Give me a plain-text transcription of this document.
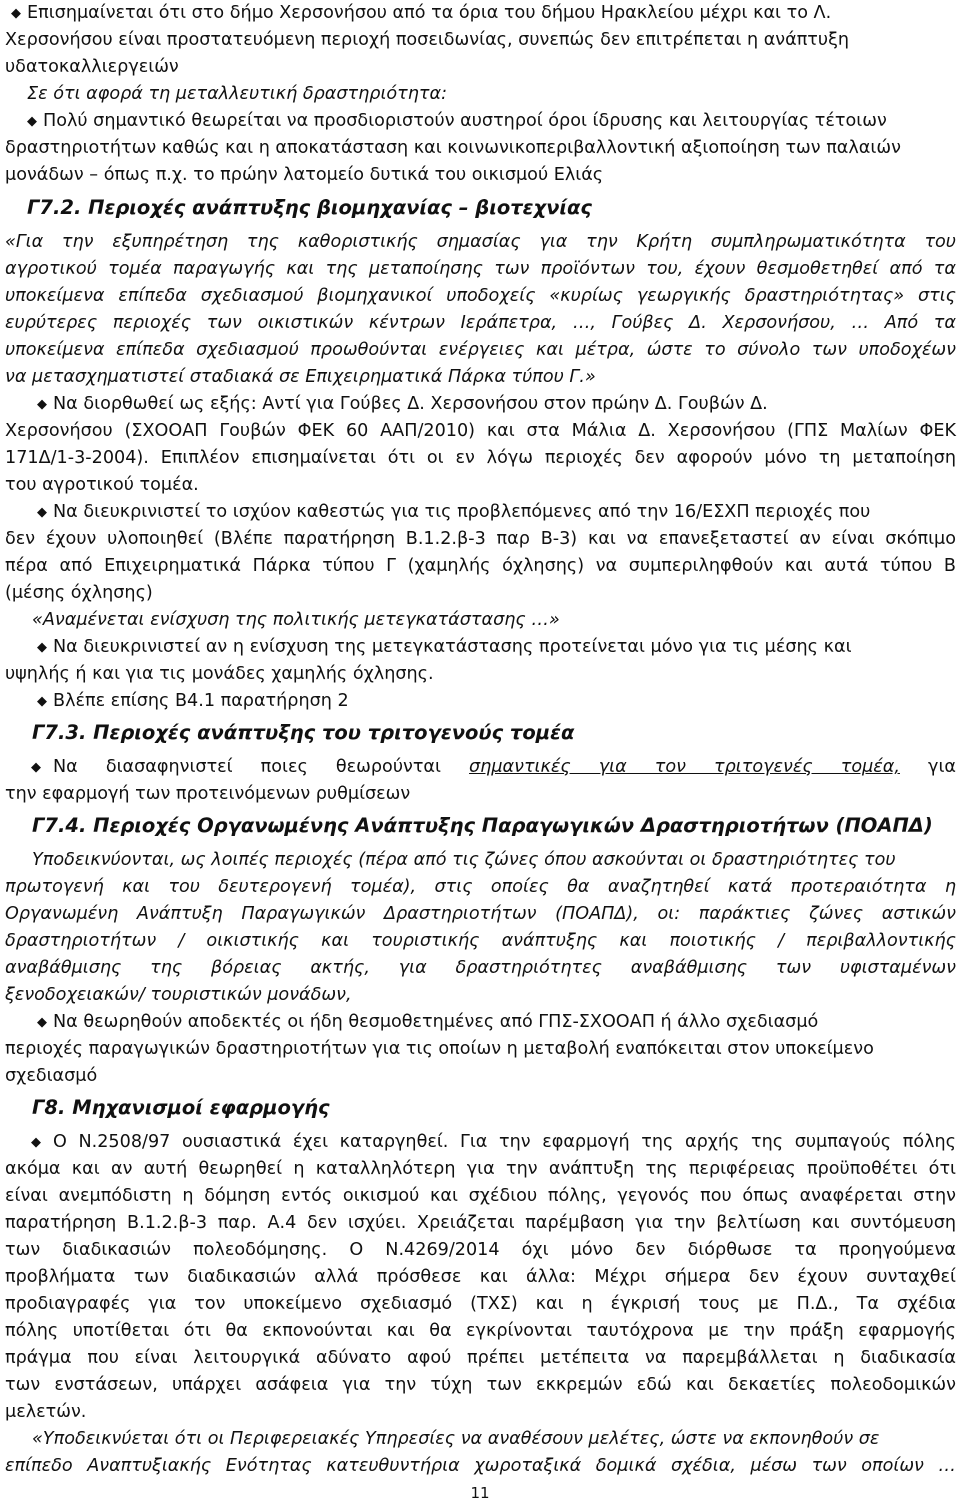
◆ Επισημαίνεται ότι στο δήμο Χερσονήσου από τα όρια του δήμου Ηρακλείου μέχρι και το Λ.
Χερσονήσου είναι προστατευόμενη περιοχή ποσειδωνίας, συνεπώς δεν επιτρέπεται η ανάπτυξη
υδατοκαλλιεργειών
Σε ότι αφορά τη μεταλλευτική δραστηριότητα:
◆ Πολύ σημαντικό θεωρείται να προσδιοριστούν αυστηροί όροι ίδρυσης και λειτουργίας τέτοιων
δραστηριοτήτων καθώς και η αποκατάσταση και κοινωνικοπεριβαλλοντική αξιοποίηση των παλαιών
μονάδων – όπως π.χ. το πρώην λατομείο δυτικά του οικισμού Ελιάς
Γ7.2. Περιοχές ανάπτυξης βιομηχανίας – βιοτεχνίας
«Για την εξυπηρέτηση της καθοριστικής σημασίας για την Κρήτη συμπληρωματικότητα του
αγροτικού τομέα παραγωγής και της μεταποίησης των προϊόντων του, έχουν θεσμοθετηθεί από τα
υποκείμενα επίπεδα σχεδιασμού βιομηχανικοί υποδοχείς «κυρίως γεωργικής δραστηριότητας» στις
ευρύτερες περιοχές των οικιστικών κέντρων Ιεράπετρα, …, Γούβες Δ. Χερσονήσου, … Από τα
υποκείμενα επίπεδα σχεδιασμού προωθούνται ενέργειες και μέτρα, ώστε το σύνολο των υποδοχέων
να μετασχηματιστεί σταδιακά σε Επιχειρηματικά Πάρκα τύπου Γ.»
◆ Να διορθωθεί ως εξής: Αντί για Γούβες Δ. Χερσονήσου στον πρώην Δ. Γουβών Δ.
Χερσονήσου (ΣΧΟΟΑΠ Γουβών ΦΕΚ 60 ΑΑΠ/2010) και στα Μάλια Δ. Χερσονήσου (ΓΠΣ Μαλίων ΦΕΚ
171Δ/1-3-2004). Επιπλέον επισημαίνεται ότι οι εν λόγω περιοχές δεν αφορούν μόνο τη μεταποίηση
του αγροτικού τομέα.
◆ Να διευκρινιστεί το ισχύον καθεστώς για τις προβλεπόμενες από την 16/ΕΣΧΠ περιοχές που
δεν έχουν υλοποιηθεί (Βλέπε παρατήρηση Β.1.2.β-3 παρ Β-3) και να επανεξεταστεί αν είναι σκόπιμο
πέρα από Επιχειρηματικά Πάρκα τύπου Γ (χαμηλής όχλησης) να συμπεριληφθούν και αυτά τύπου Β
(μέσης όχλησης)
«Αναμένεται ενίσχυση της πολιτικής μετεγκατάστασης …»
◆ Να διευκρινιστεί αν η ενίσχυση της μετεγκατάστασης προτείνεται μόνο για τις μέσης και
υψηλής ή και για τις μονάδες χαμηλής όχλησης.
◆ Βλέπε επίσης Β4.1 παρατήρηση 2
Γ7.3. Περιοχές ανάπτυξης του τριτογενούς τομέα
◆ Να διασαφηνιστεί ποιες θεωρούνται σημαντικές για τον τριτογενές τομέα, για
την εφαρμογή των προτεινόμενων ρυθμίσεων
Γ7.4. Περιοχές Οργανωμένης Ανάπτυξης Παραγωγικών Δραστηριοτήτων (ΠΟΑΠΔ)
Υποδεικνύονται, ως λοιπές περιοχές (πέρα από τις ζώνες όπου ασκούνται οι δραστηριότητες του
πρωτογενή και του δευτερογενή τομέα), στις οποίες θα αναζητηθεί κατά προτεραιότητα η
Οργανωμένη Ανάπτυξη Παραγωγικών Δραστηριοτήτων (ΠΟΑΠΔ), οι: παράκτιες ζώνες αστικών
δραστηριοτήτων / οικιστικής και τουριστικής ανάπτυξης και ποιοτικής / περιβαλλοντικής
αναβάθμισης της βόρειας ακτής, για δραστηριότητες αναβάθμισης των υφισταμένων
ξενοδοχειακών/ τουριστικών μονάδων,
◆ Να θεωρηθούν αποδεκτές οι ήδη θεσμοθετημένες από ΓΠΣ-ΣΧΟΟΑΠ ή άλλο σχεδιασμό
περιοχές παραγωγικών δραστηριοτήτων για τις οποίων η μεταβολή εναπόκειται στον υποκείμενο
σχεδιασμό
Γ8. Μηχανισμοί εφαρμογής
◆ Ο Ν.2508/97 ουσιαστικά έχει καταργηθεί. Για την εφαρμογή της αρχής της συμπαγούς πόλης
ακόμα και αν αυτή θεωρηθεί η καταλληλότερη για την ανάπτυξη της περιφέρειας προϋποθέτει ότι
είναι ανεμπόδιστη η δόμηση εντός οικισμού και σχέδιου πόλης, γεγονός που όπως αναφέρεται στην
παρατήρηση Β.1.2.β-3 παρ. Α.4 δεν ισχύει. Χρειάζεται παρέμβαση για την βελτίωση και συντόμευση
των διαδικασιών πολεοδόμησης. Ο Ν.4269/2014 όχι μόνο δεν διόρθωσε τα προηγούμενα
προβλήματα των διαδικασιών αλλά πρόσθεσε και άλλα: Μέχρι σήμερα δεν έχουν συνταχθεί
προδιαγραφές για τον υποκείμενο σχεδιασμό (ΤΧΣ) και η έγκρισή τους με Π.Δ., Τα σχέδια
πόλης υποτίθεται ότι θα εκπονούνται και θα εγκρίνονται ταυτόχρονα με την πράξη εφαρμογής
πράγμα που είναι λειτουργικά αδύνατο αφού πρέπει μετέπειτα να παρεμβάλλεται η διαδικασία
των ενστάσεων, υπάρχει ασάφεια για την τύχη των εκκρεμών εδώ και δεκαετίες πολεοδομικών
μελετών.
«Υποδεικνύεται ότι οι Περιφερειακές Υπηρεσίες να αναθέσουν μελέτες, ώστε να εκπονηθούν σε
επίπεδο Αναπτυξιακής Ενότητας κατευθυντήρια χωροταξικά δομικά σχέδια, μέσω των οποίων …
11
